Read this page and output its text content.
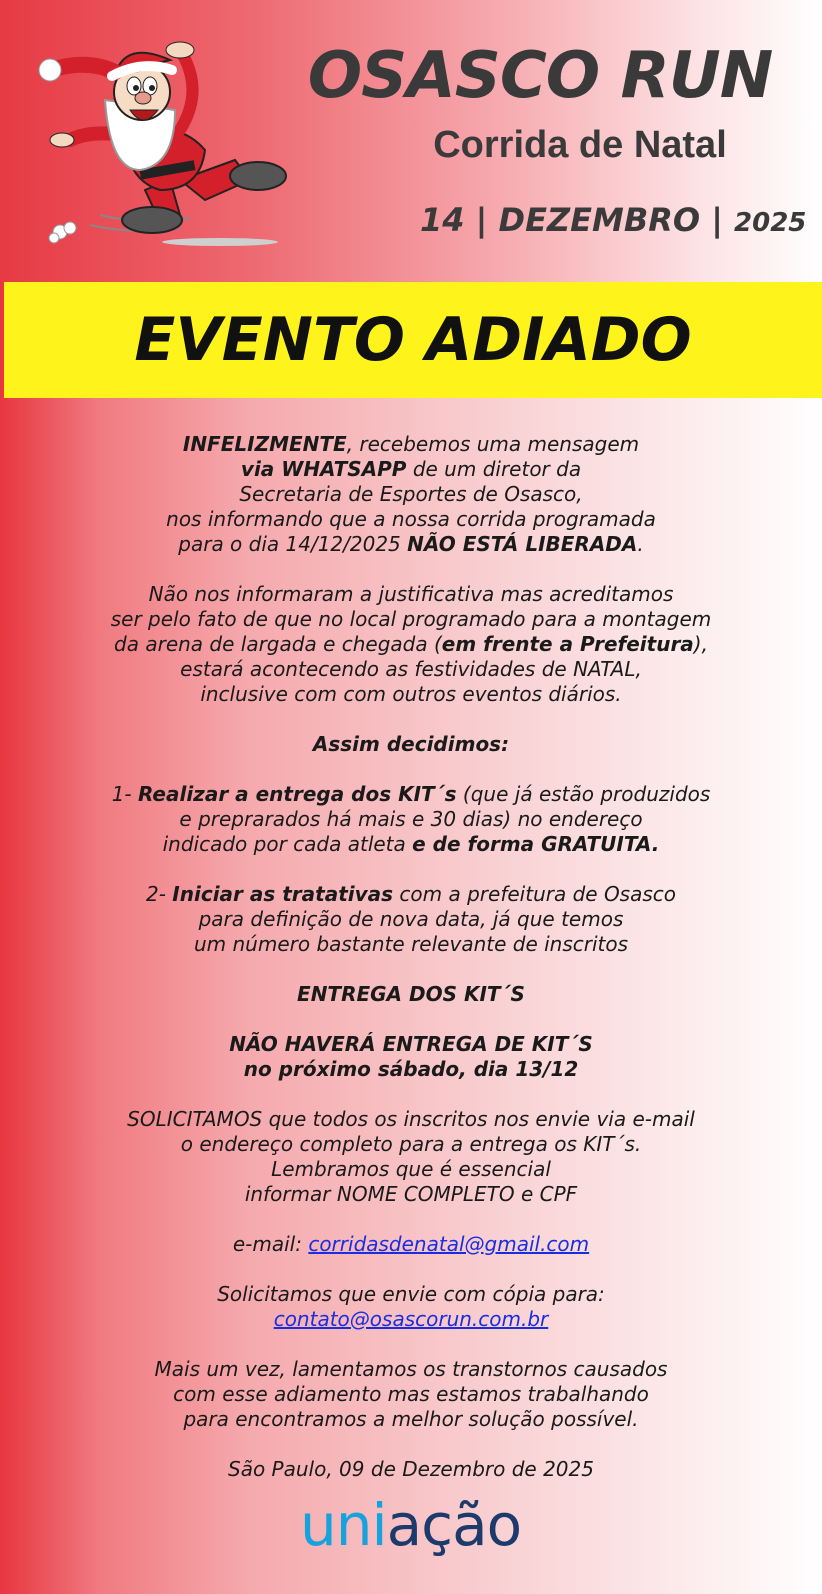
OSASCO RUN
Corrida de Natal
14 | DEZEMBRO | 2025
EVENTO ADIADO

INFELIZMENTE, recebemos uma mensagem
via WHATSAPP de um diretor da
Secretaria de Esportes de Osasco,
nos informando que a nossa corrida programada
para o dia 14/12/2025 NÃO ESTÁ LIBERADA.

Não nos informaram a justificativa mas acreditamos
ser pelo fato de que no local programado para a montagem
da arena de largada e chegada (em frente a Prefeitura),
estará acontecendo as festividades de NATAL,
inclusive com com outros eventos diários.

Assim decidimos:

1- Realizar a entrega dos KIT´s (que já estão produzidos
e preprarados há mais e 30 dias) no endereço
indicado por cada atleta e de forma GRATUITA.

2- Iniciar as tratativas com a prefeitura de Osasco
para definição de nova data, já que temos
um número bastante relevante de inscritos

ENTREGA DOS KIT´S

NÃO HAVERÁ ENTREGA DE KIT´S
no próximo sábado, dia 13/12

SOLICITAMOS que todos os inscritos nos envie via e-mail
o endereço completo para a entrega os KIT´s.
Lembramos que é essencial
informar NOME COMPLETO e CPF

e-mail: corridasdenatal@gmail.com

Solicitamos que envie com cópia para:
contato@osascorun.com.br

Mais um vez, lamentamos os transtornos causados
com esse adiamento mas estamos trabalhando
para encontramos a melhor solução possível.

São Paulo, 09 de Dezembro de 2025

uniação
